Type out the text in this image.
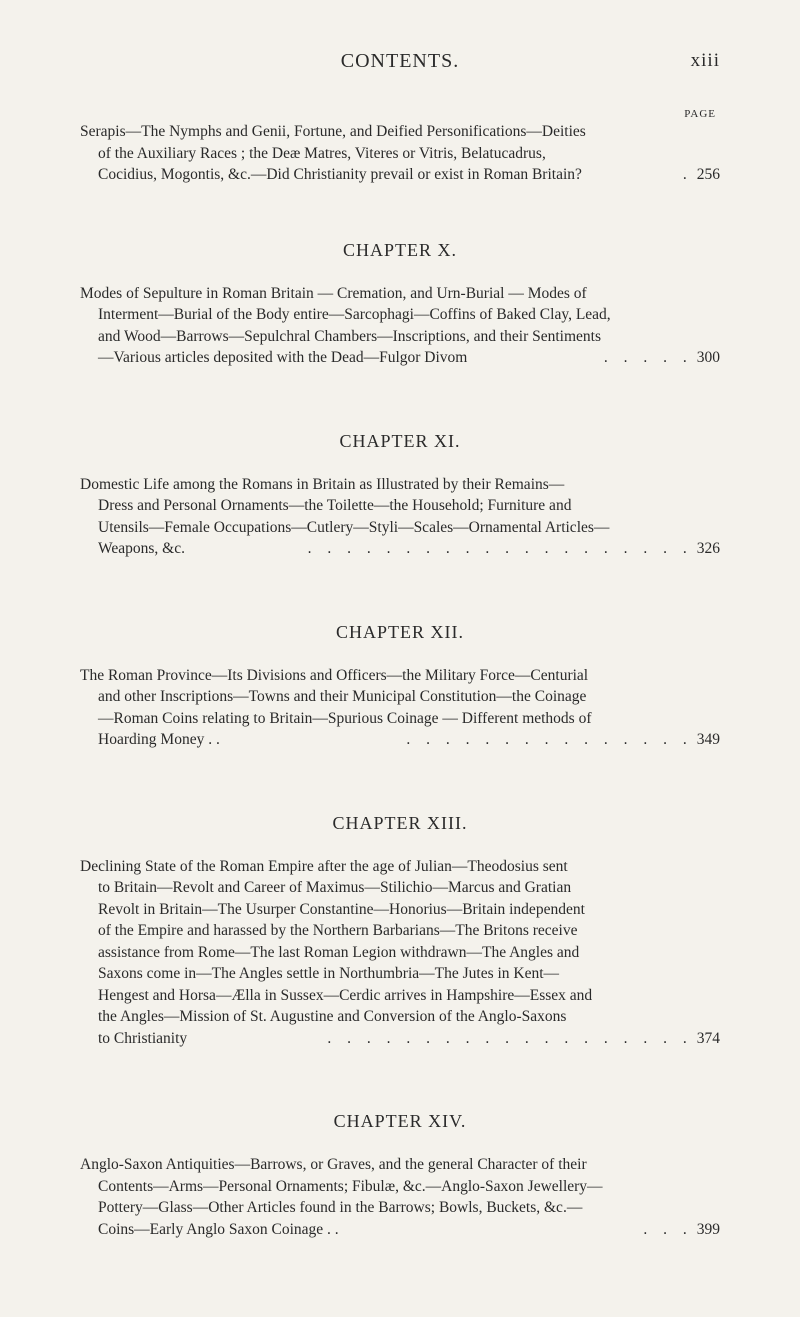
CONTENTS.	xiii
PAGE
Serapis—The Nymphs and Genii, Fortune, and Deified Personifications—Deities
of the Auxiliary Races ; the Deæ Matres, Viteres or Vitris, Belatucadrus,
Cocidius, Mogontis, &c.—Did Christianity prevail or exist in Roman Britain?	. 256
CHAPTER X.
Modes of Sepulture in Roman Britain — Cremation, and Urn-Burial — Modes of
Interment—Burial of the Body entire—Sarcophagi—Coffins of Baked Clay, Lead,
and Wood—Barrows—Sepulchral Chambers—Inscriptions, and their Sentiments
—Various articles deposited with the Dead—Fulgor Divom	. . . . . 300
CHAPTER XI.
Domestic Life among the Romans in Britain as Illustrated by their Remains—
Dress and Personal Ornaments—the Toilette—the Household; Furniture and
Utensils—Female Occupations—Cutlery—Styli—Scales—Ornamental Articles—
Weapons, &c.	. . . . . . . . . . . . . . . . . . . . 326
CHAPTER XII.
The Roman Province—Its Divisions and Officers—the Military Force—Centurial
and other Inscriptions—Towns and their Municipal Constitution—the Coinage
—Roman Coins relating to Britain—Spurious Coinage — Different methods of
Hoarding Money . .	. . . . . . . . . . . . . . . 349
CHAPTER XIII.
Declining State of the Roman Empire after the age of Julian—Theodosius sent
to Britain—Revolt and Career of Maximus—Stilichio—Marcus and Gratian
Revolt in Britain—The Usurper Constantine—Honorius—Britain independent
of the Empire and harassed by the Northern Barbarians—The Britons receive
assistance from Rome—The last Roman Legion withdrawn—The Angles and
Saxons come in—The Angles settle in Northumbria—The Jutes in Kent—
Hengest and Horsa—Ælla in Sussex—Cerdic arrives in Hampshire—Essex and
the Angles—Mission of St. Augustine and Conversion of the Anglo-Saxons
to Christianity	. . . . . . . . . . . . . . . . . . . 374
CHAPTER XIV.
Anglo-Saxon Antiquities—Barrows, or Graves, and the general Character of their
Contents—Arms—Personal Ornaments; Fibulæ, &c.—Anglo-Saxon Jewellery—
Pottery—Glass—Other Articles found in the Barrows; Bowls, Buckets, &c.—
Coins—Early Anglo Saxon Coinage . .	. . . 399
